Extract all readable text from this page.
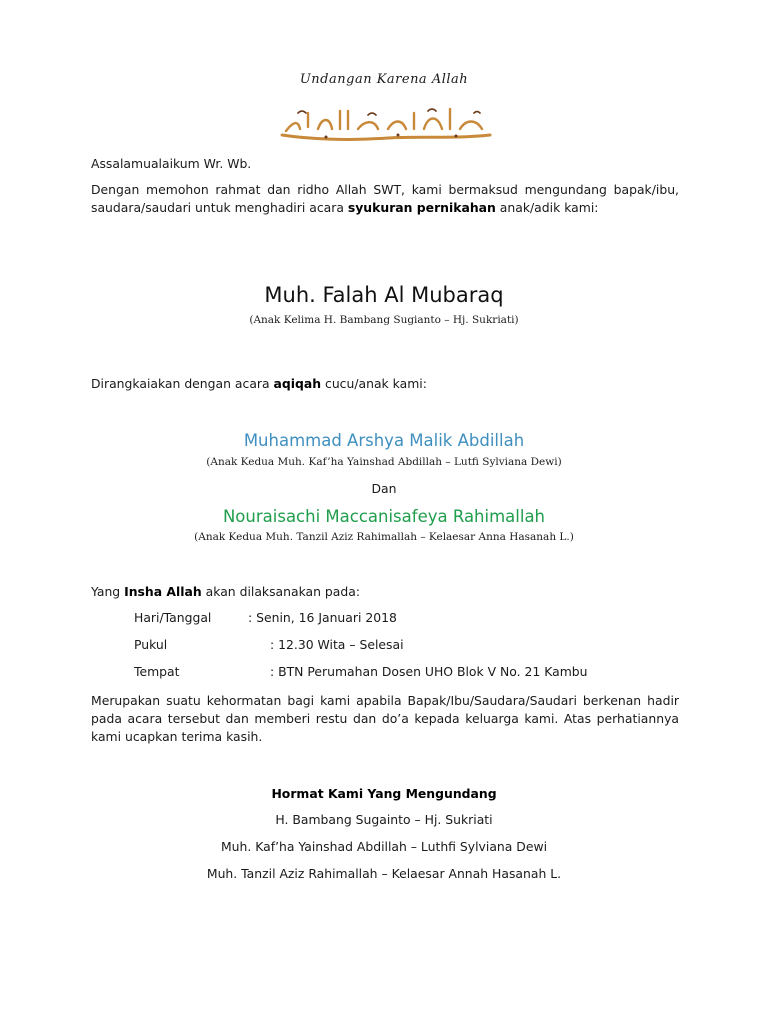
Undangan Karena Allah
Assalamualaikum Wr. Wb.
Dengan memohon rahmat dan ridho Allah SWT, kami bermaksud mengundang bapak/ibu, saudara/saudari untuk menghadiri acara syukuran pernikahan anak/adik kami:
Muh. Falah Al Mubaraq
(Anak Kelima H. Bambang Sugianto – Hj. Sukriati)
Dirangkaiakan dengan acara aqiqah cucu/anak kami:
Muhammad Arshya Malik Abdillah
(Anak Kedua Muh. Kaf’ha Yainshad Abdillah – Lutfi Sylviana Dewi)
Dan
Nouraisachi Maccanisafeya Rahimallah
(Anak Kedua Muh. Tanzil Aziz Rahimallah – Kelaesar Anna Hasanah L.)
Yang Insha Allah akan dilaksanakan pada:
Hari/Tanggal	: Senin, 16 Januari 2018
Pukul	: 12.30 Wita – Selesai
Tempat	: BTN Perumahan Dosen UHO Blok V No. 21 Kambu
Merupakan suatu kehormatan bagi kami apabila Bapak/Ibu/Saudara/Saudari berkenan hadir pada acara tersebut dan memberi restu dan do’a kepada keluarga kami. Atas perhatiannya kami ucapkan terima kasih.
Hormat Kami Yang Mengundang
H. Bambang Sugainto – Hj. Sukriati
Muh. Kaf’ha Yainshad Abdillah – Luthfi Sylviana Dewi
Muh. Tanzil Aziz Rahimallah – Kelaesar Annah Hasanah L.
